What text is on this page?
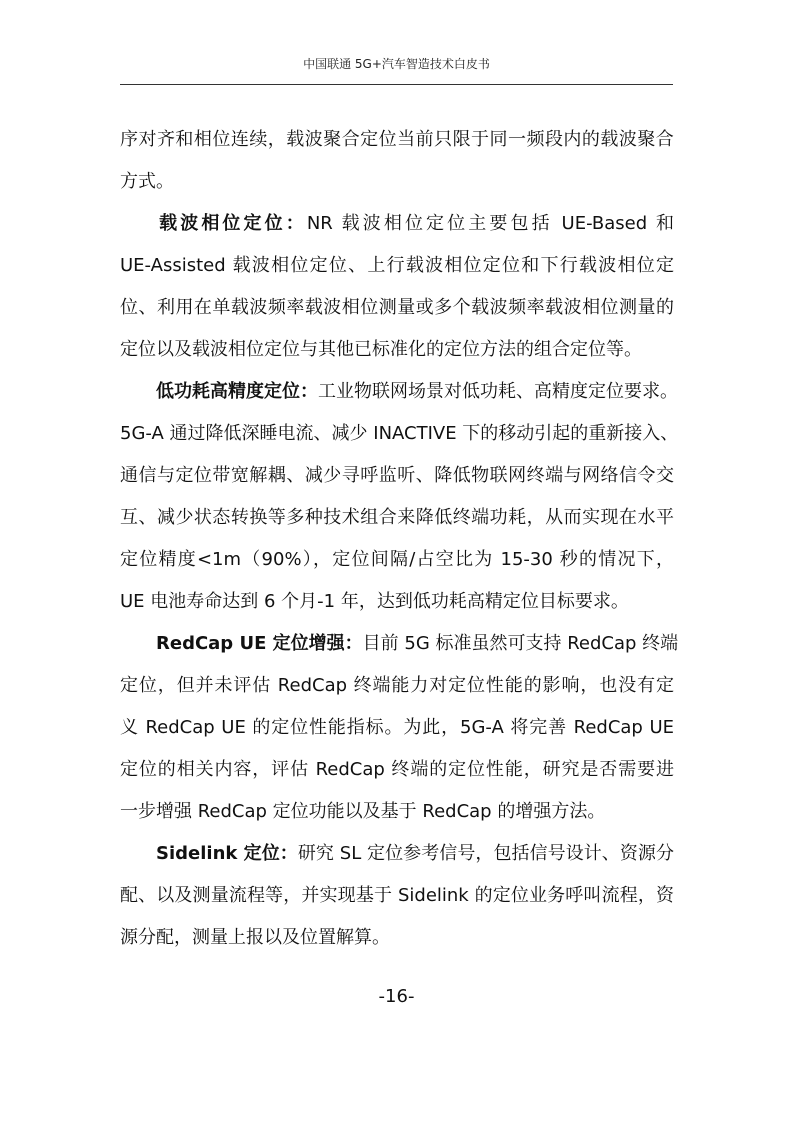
中国联通 5G+汽车智造技术白皮书
序对齐和相位连续，载波聚合定位当前只限于同一频段内的载波聚合
方式。
载波相位定位：NR 载波相位定位主要包括 UE-Based 和
UE-Assisted 载波相位定位、上行载波相位定位和下行载波相位定
位、利用在单载波频率载波相位测量或多个载波频率载波相位测量的
定位以及载波相位定位与其他已标准化的定位方法的组合定位等。
低功耗高精度定位：工业物联网场景对低功耗、高精度定位要求。
5G-A 通过降低深睡电流、减少 INACTIVE 下的移动引起的重新接入、
通信与定位带宽解耦、减少寻呼监听、降低物联网终端与网络信令交
互、减少状态转换等多种技术组合来降低终端功耗，从而实现在水平
定位精度<1m（90%），定位间隔/占空比为 15-30 秒的情况下，
UE 电池寿命达到 6 个月-1 年，达到低功耗高精定位目标要求。
RedCap UE 定位增强：目前 5G 标准虽然可支持 RedCap 终端
定位，但并未评估 RedCap 终端能力对定位性能的影响，也没有定
义 RedCap UE 的定位性能指标。为此，5G-A 将完善 RedCap UE
定位的相关内容，评估 RedCap 终端的定位性能，研究是否需要进
一步增强 RedCap 定位功能以及基于 RedCap 的增强方法。
Sidelink 定位：研究 SL 定位参考信号，包括信号设计、资源分
配、以及测量流程等，并实现基于 Sidelink 的定位业务呼叫流程，资
源分配，测量上报以及位置解算。
-16-
